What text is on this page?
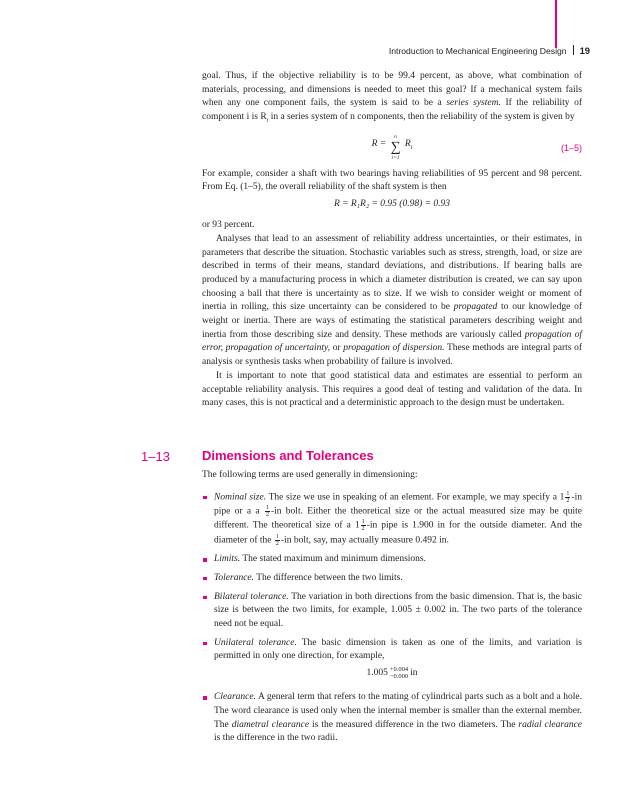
Introduction to Mechanical Engineering Design 19

goal. Thus, if the objective reliability is to be 99.4 percent, as above, what combination of materials, processing, and dimensions is needed to meet this goal? If a mechanical system fails when any one component fails, the system is said to be a series system. If the reliability of component i is $R_i$ in a series system of n components, then the reliability of the system is given by

R =
n
∑
i=1
$R_i$	(1–5)

For example, consider a shaft with two bearings having reliabilities of 95 percent and 98 percent. From Eq. (1–5), the overall reliability of the shaft system is then

R = R₁R₂ = 0.95 (0.98) = 0.93

or 93 percent.

Analyses that lead to an assessment of reliability address uncertainties, or their estimates, in parameters that describe the situation. Stochastic variables such as stress, strength, load, or size are described in terms of their means, standard deviations, and distributions. If bearing balls are produced by a manufacturing process in which a diameter distribution is created, we can say upon choosing a ball that there is uncertainty as to size. If we wish to consider weight or moment of inertia in rolling, this size uncertainty can be considered to be propagated to our knowledge of weight or inertia. There are ways of estimating the statistical parameters describing weight and inertia from those describing size and density. These methods are variously called propagation of error, propagation of uncertainty, or propagation of dispersion. These methods are integral parts of analysis or synthesis tasks when probability of failure is involved.

It is important to note that good statistical data and estimates are essential to perform an acceptable reliability analysis. This requires a good deal of testing and validation of the data. In many cases, this is not practical and a deterministic approach to the design must be undertaken.

1–13 Dimensions and Tolerances

The following terms are used generally in dimensioning:

Nominal size. The size we use in speaking of an element. For example, we may specify a $1 \frac{1}{2} -in$ pipe or a a $\frac{1}{2} -in$ bolt. Either the theoretical size or the actual measured size may be quite different. The theoretical size of a $1 \frac{1}{2} -in$ pipe is 1.900 in for the outside diameter. And the diameter of the $\frac{1}{2} -in$ bolt, say, may actually measure 0.492 in.

Limits. The stated maximum and minimum dimensions.

Tolerance. The difference between the two limits.

Bilateral tolerance. The variation in both directions from the basic dimension. That is, the basic size is between the two limits, for example, 1.005 ± 0.002 in. The two parts of the tolerance need not be equal.

Unilateral tolerance. The basic dimension is taken as one of the limits, and variation is permitted in only one direction, for example,

1.005 +0.004
−0.000 in

Clearance. A general term that refers to the mating of cylindrical parts such as a bolt and a hole. The word clearance is used only when the internal member is smaller than the external member. The diametral clearance is the measured difference in the two diameters. The radial clearance is the difference in the two radii.
